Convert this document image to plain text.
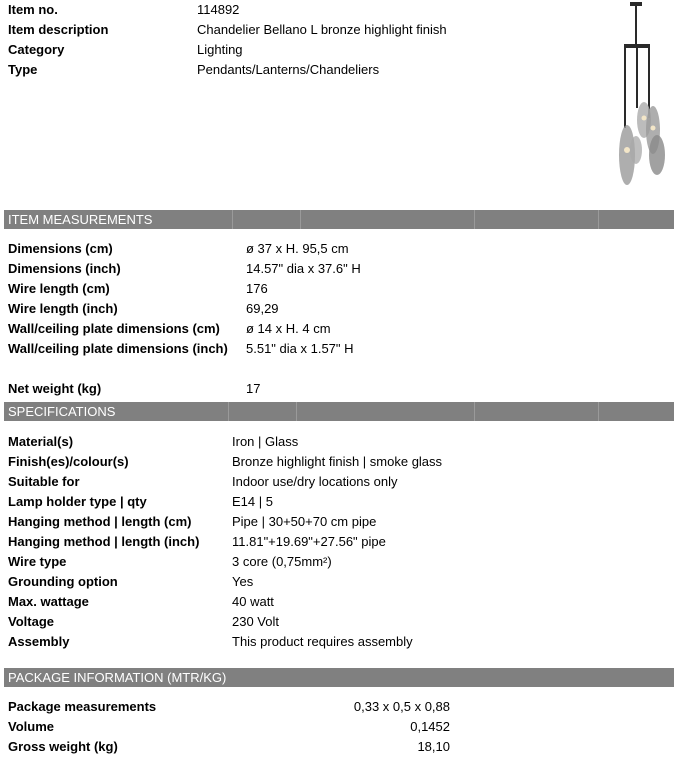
Item no.	114892
Item description	Chandelier Bellano L bronze highlight finish
Category	Lighting
Type	Pendants/Lanterns/Chandeliers
ITEM MEASUREMENTS
Dimensions (cm)	ø 37 x H. 95,5 cm
Dimensions (inch)	14.57" dia x 37.6" H
Wire length (cm)	176
Wire length (inch)	69,29
Wall/ceiling plate dimensions (cm) ø 14 x H. 4 cm
Wall/ceiling plate dimensions (inch) 5.51" dia x 1.57" H
Net weight (kg)	17
SPECIFICATIONS
Material(s)	Iron | Glass
Finish(es)/colour(s)	Bronze highlight finish | smoke glass
Suitable for	Indoor use/dry locations only
Lamp holder type | qty	E14 | 5
Hanging method | length (cm)	Pipe | 30+50+70 cm pipe
Hanging method | length (inch)	11.81"+19.69"+27.56" pipe
Wire type	3 core (0,75mm²)
Grounding option	Yes
Max. wattage	40 watt
Voltage	230 Volt
Assembly	This product requires assembly
PACKAGE INFORMATION (MTR/KG)
Package measurements	0,33 x 0,5 x 0,88
Volume	0,1452
Gross weight (kg)	18,10
